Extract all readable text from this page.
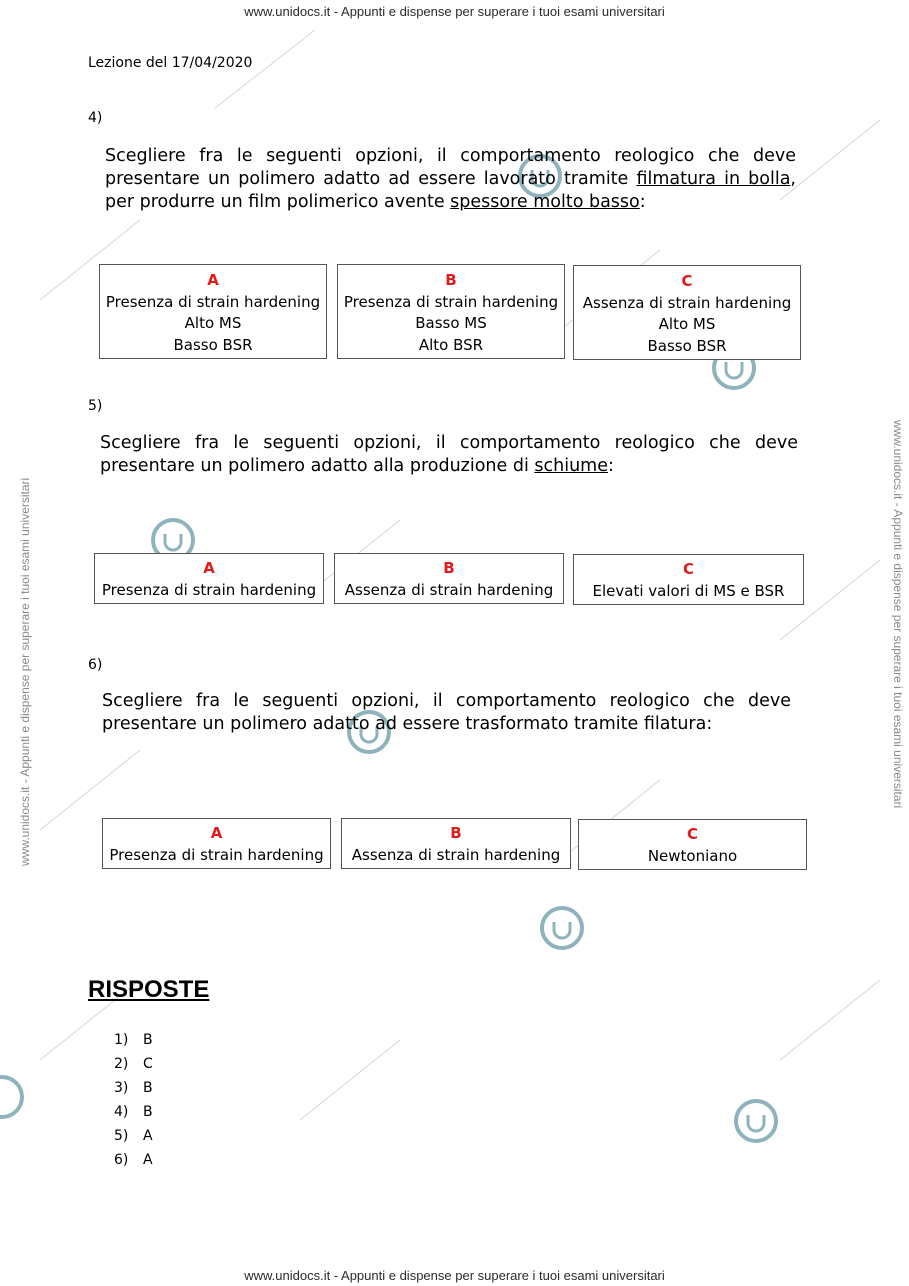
www.unidocs.it - Appunti e dispense per superare i tuoi esami universitari
www.unidocs.it - Appunti e dispense per superare i tuoi esami universitari
www.unidocs.it - Appunti e dispense per superare i tuoi esami universitari	www.unidocs.it - Appunti e dispense per superare i tuoi esami universitari
Lezione del 17/04/2020
4)
Scegliere fra le seguenti opzioni, il comportamento reologico che deve presentare un polimero adatto ad essere lavorato tramite filmatura in bolla, per produrre un film polimerico avente spessore molto basso:
A
Presenza di strain hardening
Alto MS
Basso BSR
B
Presenza di strain hardening
Basso MS
Alto BSR
C
Assenza di strain hardening
Alto MS
Basso BSR
5)
Scegliere fra le seguenti opzioni, il comportamento reologico che deve presentare un polimero adatto alla produzione di schiume:
A
Presenza di strain hardening
B
Assenza di strain hardening
C
Elevati valori di MS e BSR
6)
Scegliere fra le seguenti opzioni, il comportamento reologico che deve presentare un polimero adatto ad essere trasformato tramite filatura:
A
Presenza di strain hardening
B
Assenza di strain hardening
C
Newtoniano
RISPOSTE
1) B
2) C
3) B
4) B
5) A
6) A
